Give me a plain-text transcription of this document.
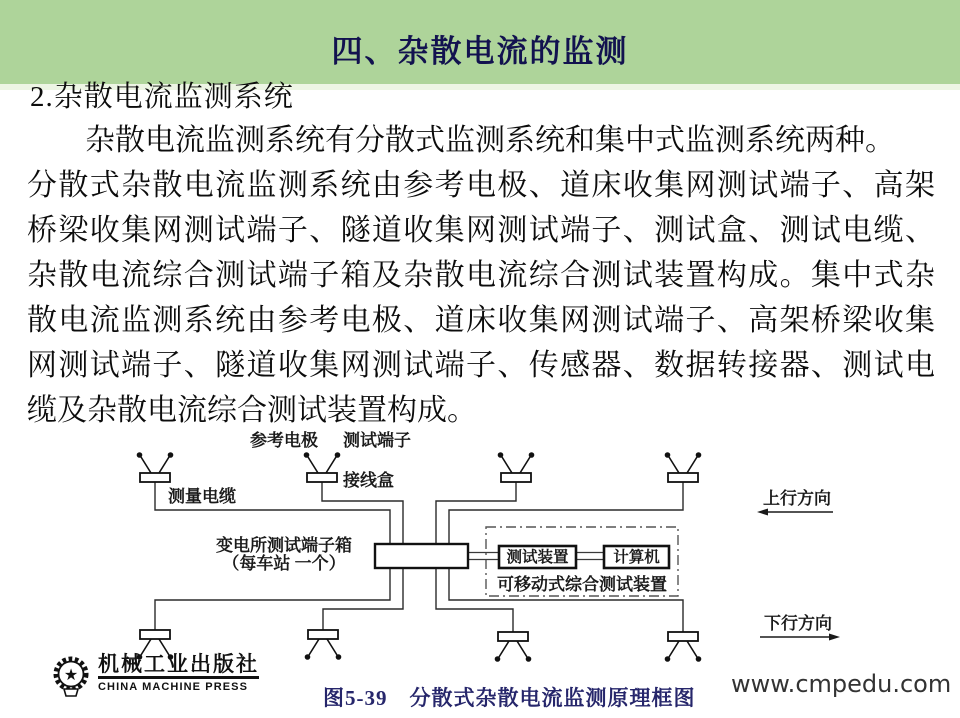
四、杂散电流的监测
2.杂散电流监测系统
杂散电流监测系统有分散式监测系统和集中式监测系统两种。
分散式杂散电流监测系统由参考电极、道床收集网测试端子、高架
桥梁收集网测试端子、隧道收集网测试端子、测试盒、测试电缆、
杂散电流综合测试端子箱及杂散电流综合测试装置构成。集中式杂
散电流监测系统由参考电极、道床收集网测试端子、高架桥梁收集
网测试端子、隧道收集网测试端子、传感器、数据转接器、测试电
缆及杂散电流综合测试装置构成。
测试装置	计算机
可移动式综合测试装置
参考电极 测试端子
接线盒
测量电缆
变电所测试端子箱
（每车站 一个）
上行方向
下行方向
★ 机械工业出版社
CHINA MACHINE PRESS	图5-39　分散式杂散电流监测原理框图 www.cmpedu.com
